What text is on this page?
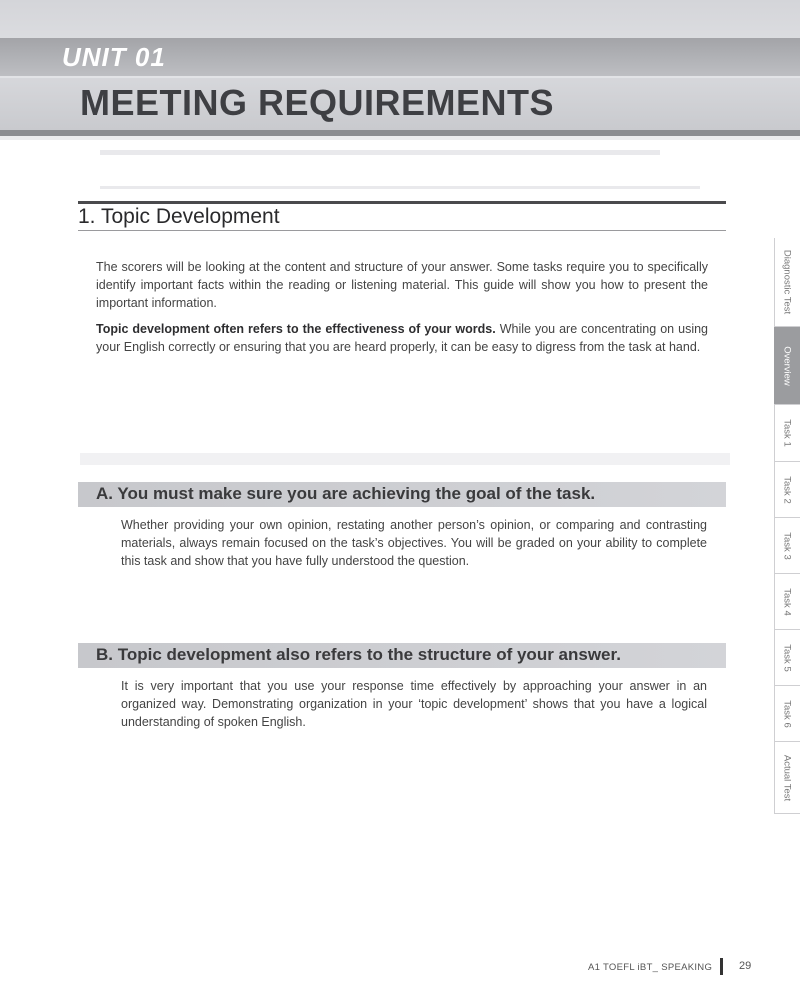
UNIT 01
MEETING REQUIREMENTS
1. Topic Development

The scorers will be looking at the content and structure of your answer. Some tasks require you to specifically identify important facts within the reading or listening material. This guide will show you how to present the important information.

Topic development often refers to the effectiveness of your words. While you are concentrating on using your English correctly or ensuring that you are heard properly, it can be easy to digress from the task at hand.

A. You must make sure you are achieving the goal of the task.

Whether providing your own opinion, restating another person’s opinion, or comparing and contrasting materials, always remain focused on the task’s objectives. You will be graded on your ability to complete this task and show that you have fully understood the question.

B. Topic development also refers to the structure of your answer.

It is very important that you use your response time effectively by approaching your answer in an organized way. Demonstrating organization in your ‘topic development’ shows that you have a logical understanding of spoken English.

Diagnostic Test
Overview
Task 1
Task 2
Task 3
Task 4
Task 5
Task 6
Actual Test
A1 TOEFL iBT_ SPEAKING 29
